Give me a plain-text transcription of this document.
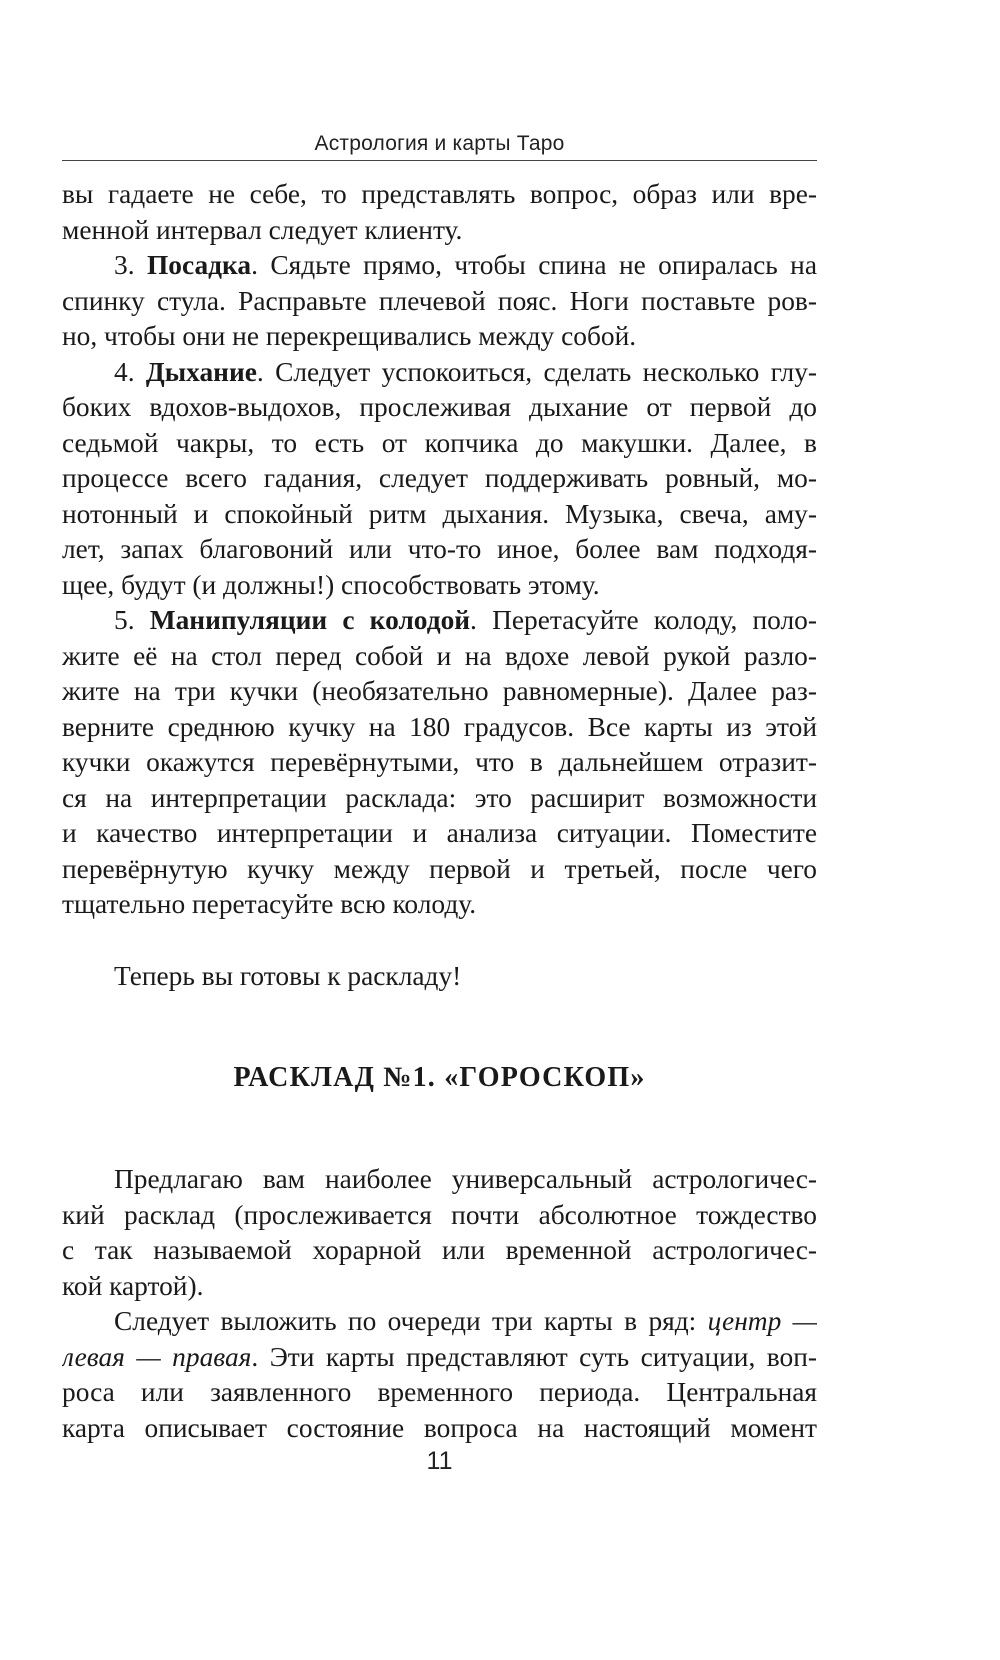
Астрология и карты Таро
вы гадаете не себе, то представлять вопрос, образ или вре-
менной интервал следует клиенту.
3. Посадка. Сядьте прямо, чтобы спина не опиралась на
спинку стула. Расправьте плечевой пояс. Ноги поставьте ров-
но, чтобы они не перекрещивались между собой.
4. Дыхание. Следует успокоиться, сделать несколько глу-
боких вдохов-выдохов, прослеживая дыхание от первой до
седьмой чакры, то есть от копчика до макушки. Далее, в
процессе всего гадания, следует поддерживать ровный, мо-
нотонный и спокойный ритм дыхания. Музыка, свеча, аму-
лет, запах благовоний или что-то иное, более вам подходя-
щее, будут (и должны!) способствовать этому.
5. Манипуляции с колодой. Перетасуйте колоду, поло-
жите её на стол перед собой и на вдохе левой рукой разло-
жите на три кучки (необязательно равномерные). Далее раз-
верните среднюю кучку на 180 градусов. Все карты из этой
кучки окажутся перевёрнутыми, что в дальнейшем отразит-
ся на интерпретации расклада: это расширит возможности
и качество интерпретации и анализа ситуации. Поместите
перевёрнутую кучку между первой и третьей, после чего
тщательно перетасуйте всю колоду.
Теперь вы готовы к раскладу!
РАСКЛАД №1. «ГОРОСКОП»
Предлагаю вам наиболее универсальный астрологичес-
кий расклад (прослеживается почти абсолютное тождество
с так называемой хорарной или временной астрологичес-
кой картой).
Следует выложить по очереди три карты в ряд: центр —
левая — правая. Эти карты представляют суть ситуации, воп-
роса или заявленного временного периода. Центральная
карта описывает состояние вопроса на настоящий момент
11
